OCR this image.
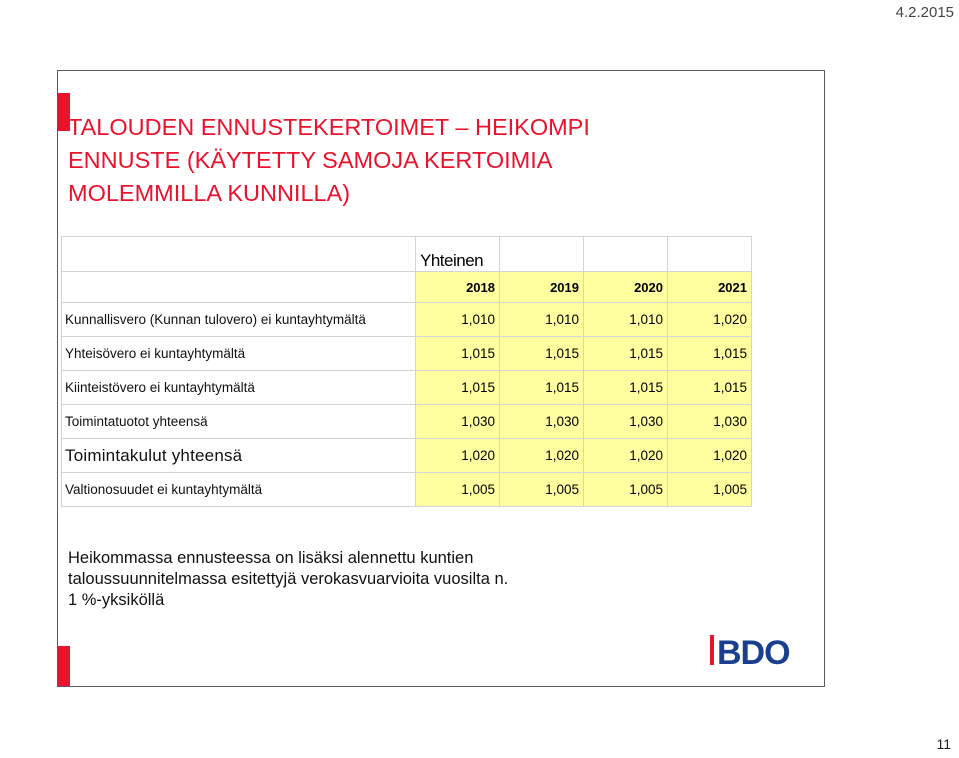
4.2.2015
TALOUDEN ENNUSTEKERTOIMET – HEIKOMPI
ENNUSTE (KÄYTETTY SAMOJA KERTOIMIA
MOLEMMILLA KUNNILLA)
	Yhteinen			
	2018	2019	2020	2021
Kunnallisvero (Kunnan tulovero) ei kuntayhtymältä	1,010	1,010	1,010	1,020
Yhteisövero ei kuntayhtymältä	1,015	1,015	1,015	1,015
Kiinteistövero ei kuntayhtymältä	1,015	1,015	1,015	1,015
Toimintatuotot yhteensä	1,030	1,030	1,030	1,030
Toimintakulut yhteensä	1,020	1,020	1,020	1,020
Valtionosuudet ei kuntayhtymältä	1,005	1,005	1,005	1,005

Heikommassa ennusteessa on lisäksi alennettu kuntien
taloussuunnitelmassa esitettyjä verokasvuarvioita vuosilta n.
1 %-yksiköllä

BDO
11
